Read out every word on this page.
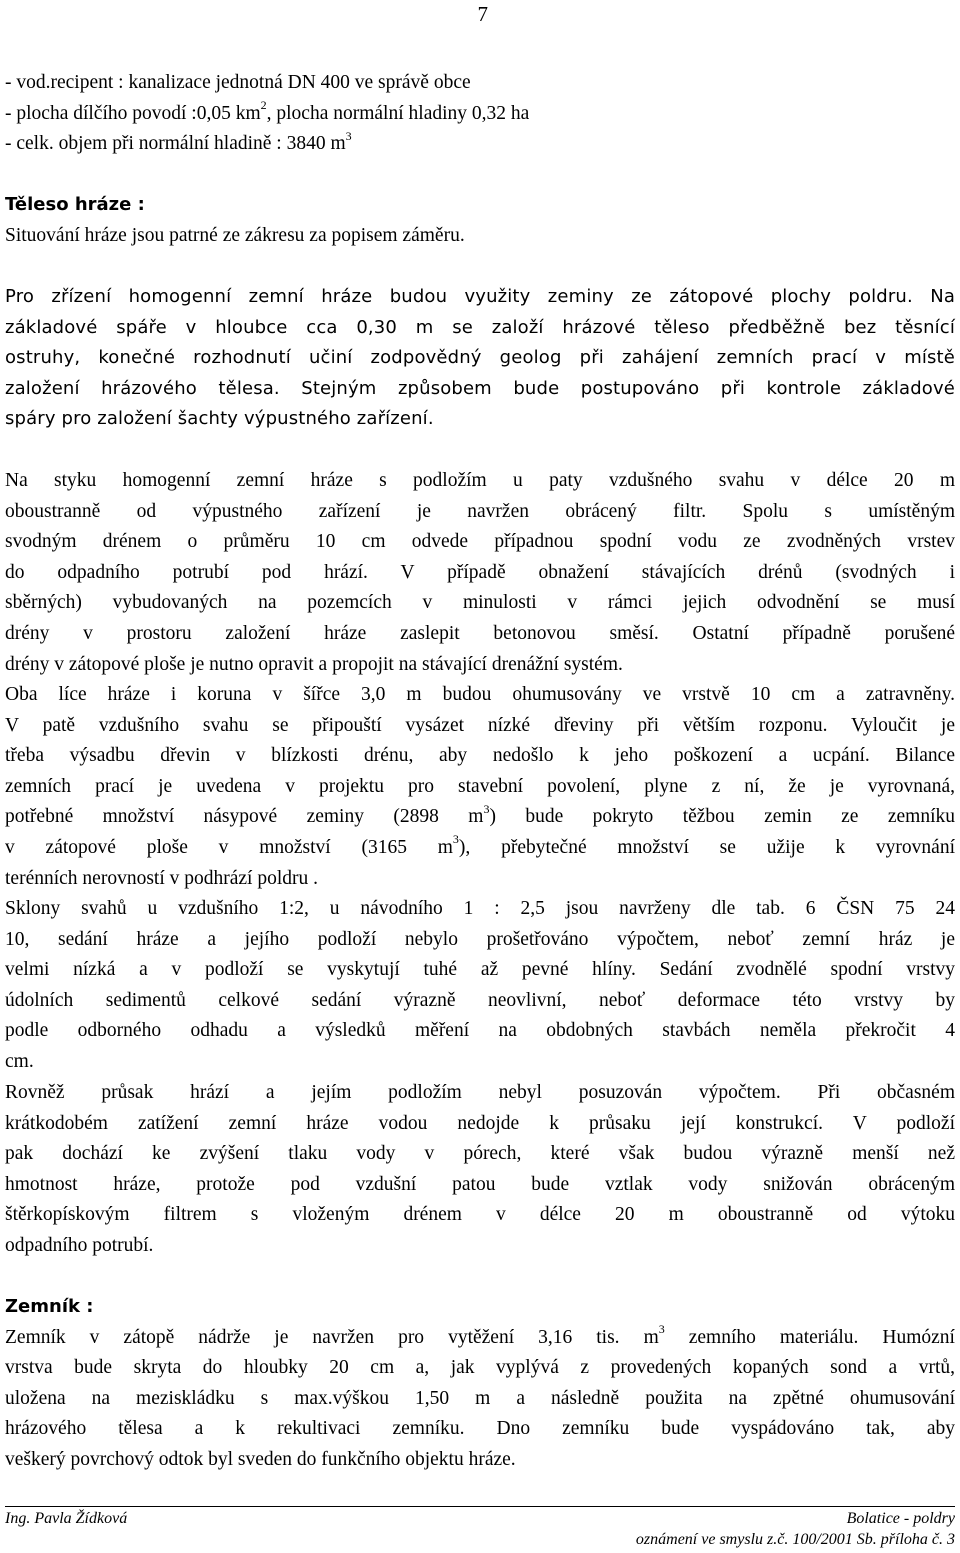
7
- vod.recipent : kanalizace jednotná DN 400 ve správě obce
- plocha dílčího povodí :0,05 $km^2$, plocha normální hladiny 0,32 ha
- celk. objem při normální hladině : 3840 $m^3$
Těleso hráze :
Situování hráze jsou patrné ze zákresu za popisem záměru.
Pro zřízení homogenní zemní hráze budou využity zeminy ze zátopové plochy poldru. Na
základové spáře v hloubce cca 0,30 m se založí hrázové těleso předběžně bez těsnící
ostruhy, konečné rozhodnutí učiní zodpovědný geolog při zahájení zemních prací v místě
založení hrázového tělesa. Stejným způsobem bude postupováno při kontrole základové
spáry pro založení šachty výpustného zařízení.
Na styku homogenní zemní hráze s podložím u paty vzdušného svahu v délce 20 m
oboustranně od výpustného zařízení je navržen obrácený filtr. Spolu s umístěným
svodným drénem o průměru 10 cm odvede případnou spodní vodu ze zvodněných vrstev
do odpadního potrubí pod hrází. V případě obnažení stávajících drénů (svodných i
sběrných) vybudovaných na pozemcích v minulosti v rámci jejich odvodnění se musí
drény v prostoru založení hráze zaslepit betonovou směsí. Ostatní případně porušené
drény v zátopové ploše je nutno opravit a propojit na stávající drenážní systém.
Oba líce hráze i koruna v šířce 3,0 m budou ohumusovány ve vrstvě 10 cm a zatravněny.
V patě vzdušního svahu se připouští vysázet nízké dřeviny při větším rozponu. Vyloučit je
třeba výsadbu dřevin v blízkosti drénu, aby nedošlo k jeho poškození a ucpání. Bilance
zemních prací je uvedena v projektu pro stavební povolení, plyne z ní, že je vyrovnaná,
potřebné množství násypové zeminy (2898 $m^3$) bude pokryto těžbou zemin ze zemníku
v zátopové ploše v množství (3165 $m^3$), přebytečné množství se užije k vyrovnání
terénních nerovností v podhrází poldru .
Sklony svahů u vzdušního 1:2, u návodního 1 : 2,5 jsou navrženy dle tab. 6 ČSN 75 24
10, sedání hráze a jejího podloží nebylo prošetřováno výpočtem, neboť zemní hráz je
velmi nízká a v podloží se vyskytují tuhé až pevné hlíny. Sedání zvodnělé spodní vrstvy
údolních sedimentů celkové sedání výrazně neovlivní, neboť deformace této vrstvy by
podle odborného odhadu a výsledků měření na obdobných stavbách neměla překročit 4
cm.
Rovněž průsak hrází a jejím podložím nebyl posuzován výpočtem. Při občasném
krátkodobém zatížení zemní hráze vodou nedojde k průsaku její konstrukcí. V podloží
pak dochází ke zvýšení tlaku vody v pórech, které však budou výrazně menší než
hmotnost hráze, protože pod vzdušní patou bude vztlak vody snižován obráceným
štěrkopískovým filtrem s vloženým drénem v délce 20 m oboustranně od výtoku
odpadního potrubí.
Zemník :
Zemník v zátopě nádrže je navržen pro vytěžení 3,16 tis. $m^3$ zemního materiálu. Humózní
vrstva bude skryta do hloubky 20 cm a, jak vyplývá z provedených kopaných sond a vrtů,
uložena na meziskládku s max.výškou 1,50 m a následně použita na zpětné ohumusování
hrázového tělesa a k rekultivaci zemníku. Dno zemníku bude vyspádováno tak, aby
veškerý povrchový odtok byl sveden do funkčního objektu hráze.
Ing. Pavla Žídková	Bolatice - poldry
oznámení ve smyslu z.č. 100/2001 Sb. příloha č. 3
